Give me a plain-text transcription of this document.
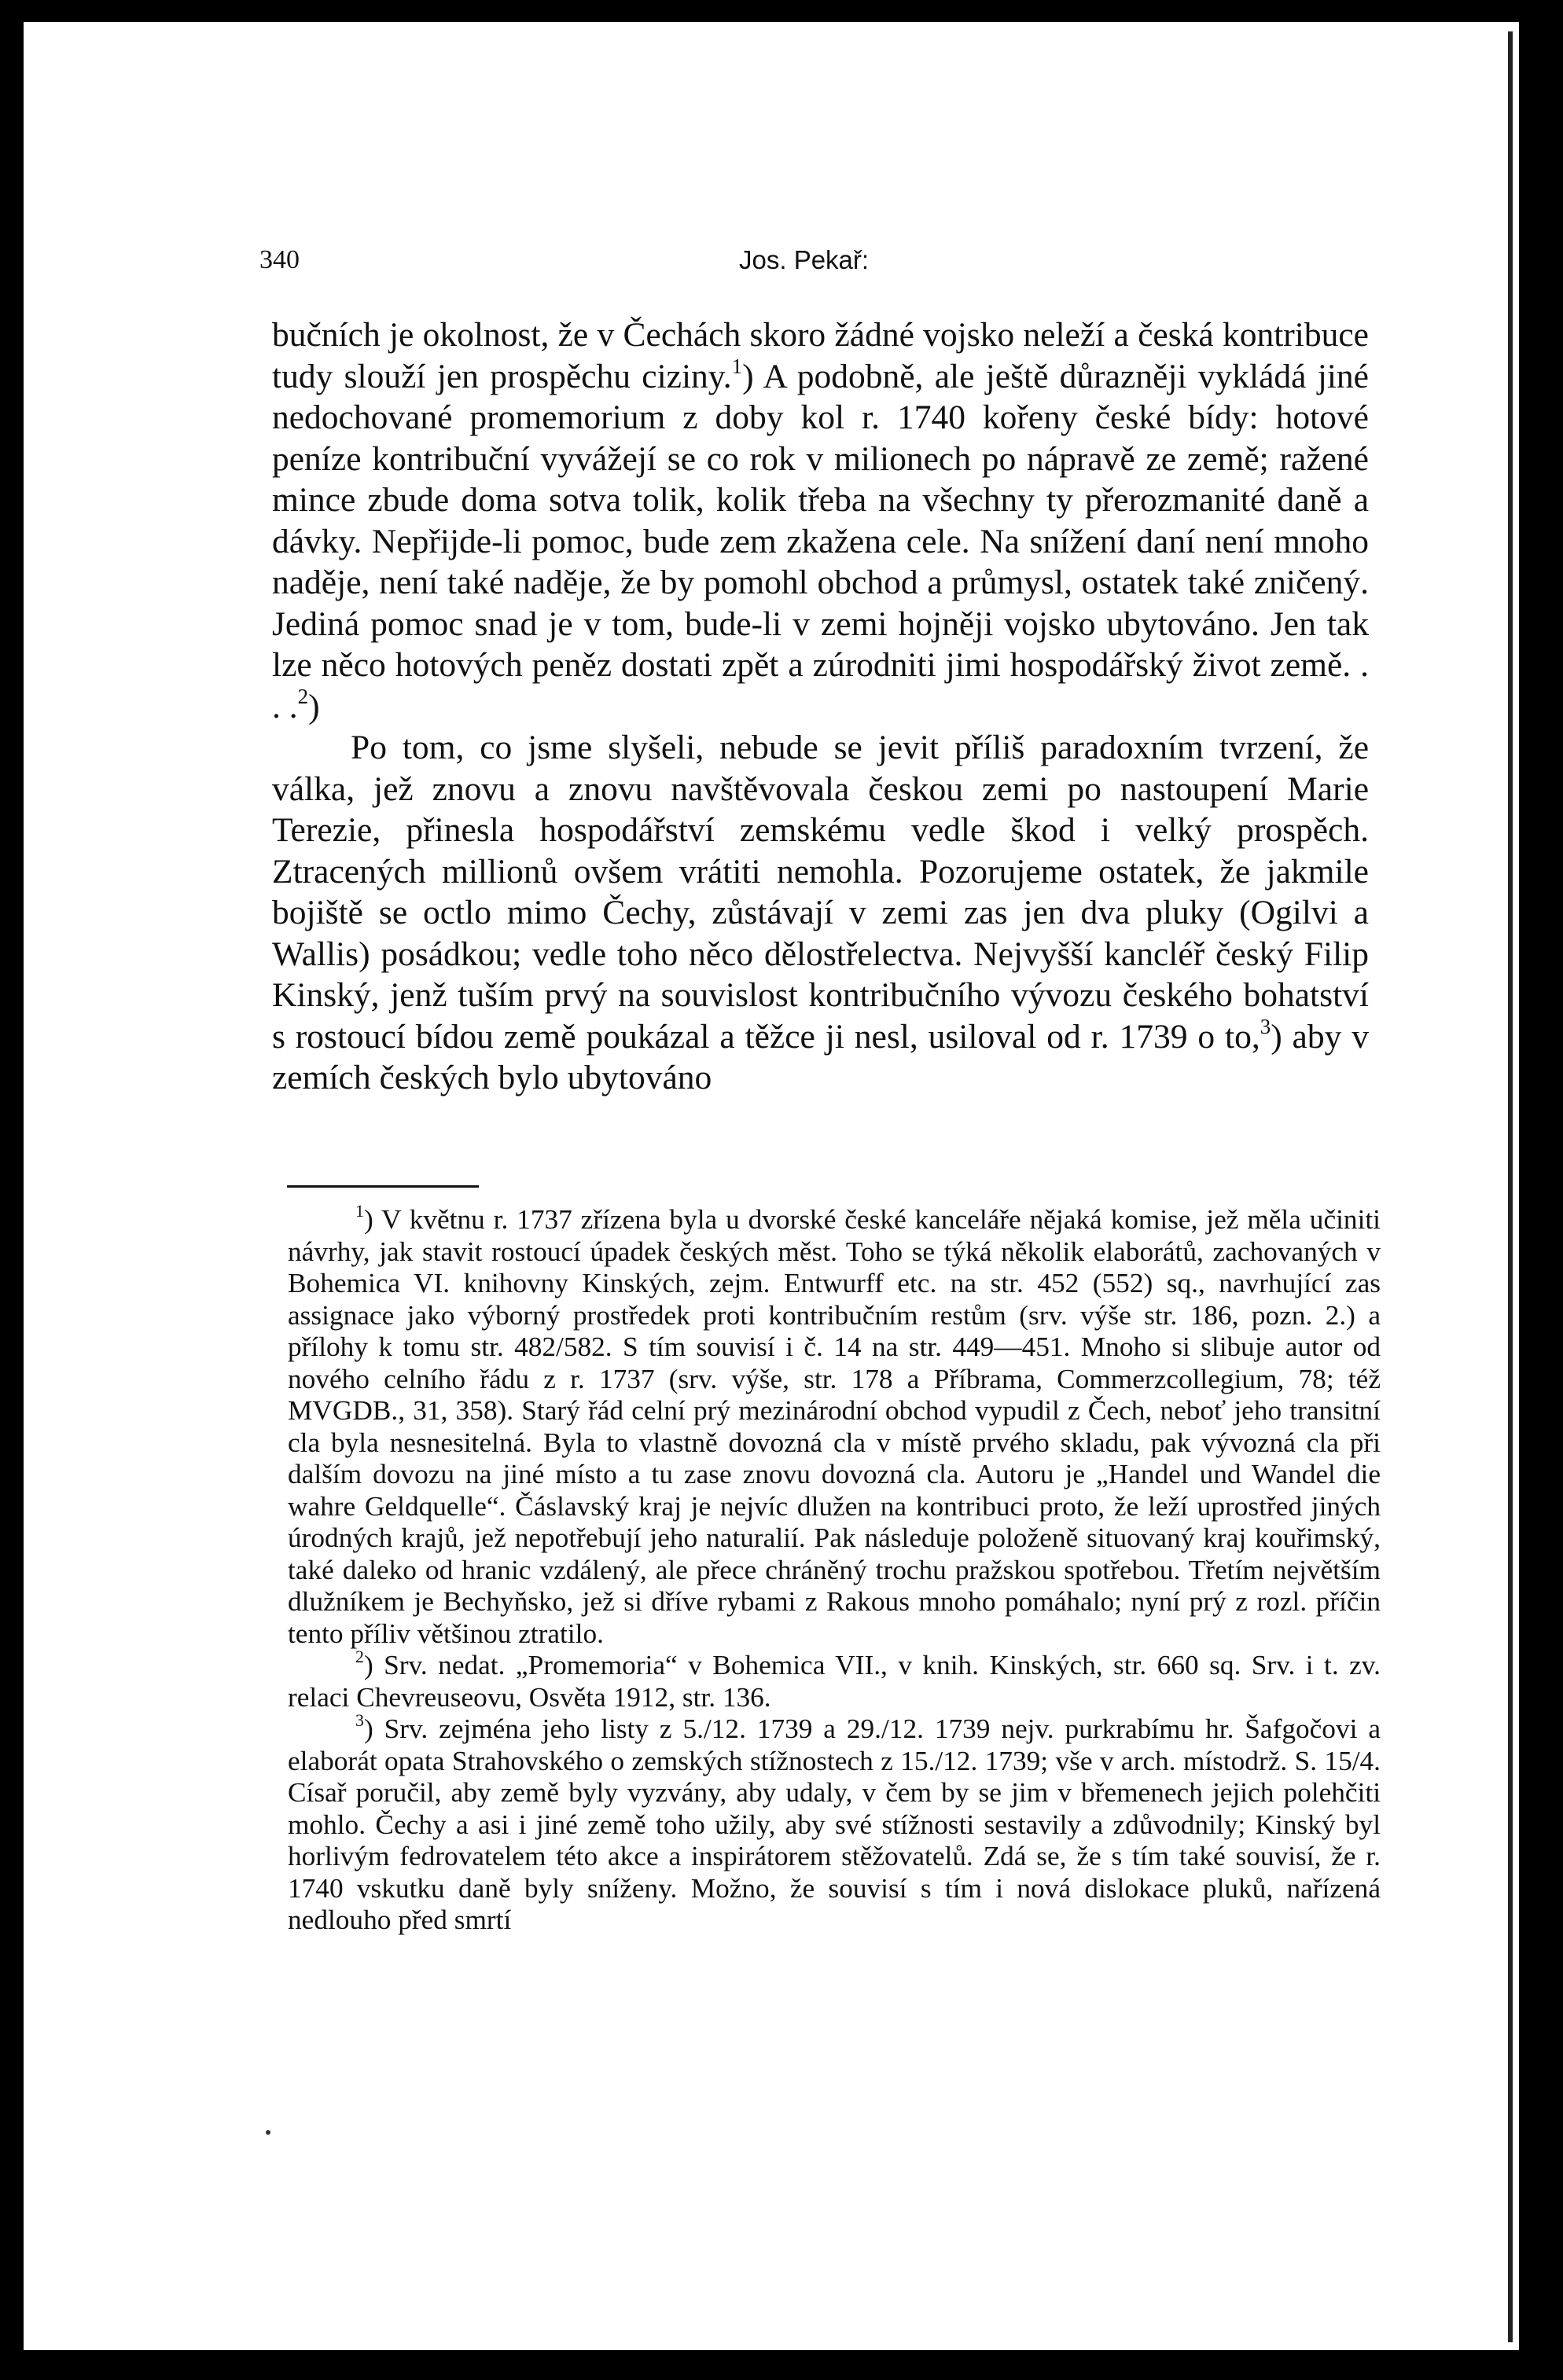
340	Jos. Pekař:

bučních je okolnost, že v Čechách skoro žádné vojsko neleží a česká kontribuce tudy slouží jen prospěchu ciziny.$^1$) A podobně, ale ještě důrazněji vykládá jiné nedochované promemorium z doby kol r. 1740 kořeny české bídy: hotové peníze kontribuční vyvážejí se co rok v milionech po nápravě ze země; ražené mince zbude doma sotva tolik, kolik třeba na všechny ty přerozmanité daně a dávky. Nepřijde-li pomoc, bude zem zkažena cele. Na snížení daní není mnoho naděje, není také naděje, že by pomohl obchod a průmysl, ostatek také zničený. Jediná pomoc snad je v tom, bude-li v zemi hojněji vojsko ubytováno. Jen tak lze něco hotových peněz dostati zpět a zúrodniti jimi hospodářský život země. . . .$^2$)

Po tom, co jsme slyšeli, nebude se jevit příliš paradoxním tvrzení, že válka, jež znovu a znovu navštěvovala českou zemi po nastoupení Marie Terezie, přinesla hospodářství zemskému vedle škod i velký prospěch. Ztracených millionů ovšem vrátiti nemohla. Pozorujeme ostatek, že jakmile bojiště se octlo mimo Čechy, zůstávají v zemi zas jen dva pluky (Ogilvi a Wallis) posádkou; vedle toho něco dělostřelectva. Nejvyšší kancléř český Filip Kinský, jenž tuším prvý na souvislost kontribučního vývozu českého bohatství s rostoucí bídou země poukázal a těžce ji nesl, usiloval od r. 1739 o to,$^3$) aby v zemích českých bylo ubytováno

$^1$) V květnu r. 1737 zřízena byla u dvorské české kanceláře nějaká komise, jež měla učiniti návrhy, jak stavit rostoucí úpadek českých měst. Toho se týká několik elaborátů, zachovaných v Bohemica VI. knihovny Kinských, zejm. Entwurff etc. na str. 452 (552) sq., navrhující zas assignace jako výborný prostředek proti kontribučním restům (srv. výše str. 186, pozn. 2.) a přílohy k tomu str. 482/582. S tím souvisí i č. 14 na str. 449—451. Mnoho si slibuje autor od nového celního řádu z r. 1737 (srv. výše, str. 178 a Příbrama, Commerzcollegium, 78; též MVGDB., 31, 358). Starý řád celní prý mezinárodní obchod vypudil z Čech, neboť jeho transitní cla byla nesnesitelná. Byla to vlastně dovozná cla v místě prvého skladu, pak vývozná cla při dalším dovozu na jiné místo a tu zase znovu dovozná cla. Autoru je „Handel und Wandel die wahre Geldquelle“. Čáslavský kraj je nejvíc dlužen na kontribuci proto, že leží uprostřed jiných úrodných krajů, jež nepotřebují jeho naturalií. Pak následuje položeně situovaný kraj kouřimský, také daleko od hranic vzdálený, ale přece chráněný trochu pražskou spotřebou. Třetím největším dlužníkem je Bechyňsko, jež si dříve rybami z Rakous mnoho pomáhalo; nyní prý z rozl. příčin tento příliv většinou ztratilo.

$^2$) Srv. nedat. „Promemoria“ v Bohemica VII., v knih. Kinských, str. 660 sq. Srv. i t. zv. relaci Chevreuseovu, Osvěta 1912, str. 136.

$^3$) Srv. zejména jeho listy z 5./12. 1739 a 29./12. 1739 nejv. purkrabímu hr. Šafgočovi a elaborát opata Strahovského o zemských stížnostech z 15./12. 1739; vše v arch. místodrž. S. 15/4. Císař poručil, aby země byly vyzvány, aby udaly, v čem by se jim v břemenech jejich polehčiti mohlo. Čechy a asi i jiné země toho užily, aby své stížnosti sestavily a zdůvodnily; Kinský byl horlivým fedrovatelem této akce a inspirátorem stěžovatelů. Zdá se, že s tím také souvisí, že r. 1740 vskutku daně byly sníženy. Možno, že souvisí s tím i nová dislokace pluků, nařízená nedlouho před smrtí
